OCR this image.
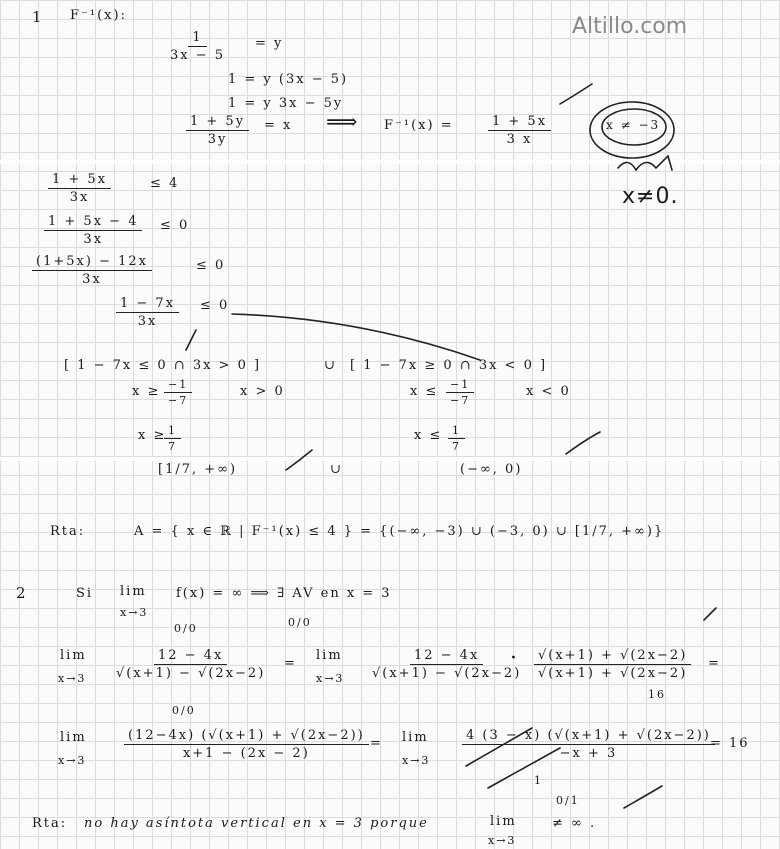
Altillo.com
1 F⁻¹(x):
$\frac{1}{3x - 5} = y$
1 = y (3x − 5)
1 = y 3x − 5y
$\frac{1 + 5y}{3y} = x$ ⟹ F⁻¹(x) =	$\frac{1 + 5x}{3 x}$	x ≠ −3
x≠0.
$\frac{1 + 5x}{3x}$	≤ 4
$\frac{1 + 5x - 4}{3x} \le 0$
$\frac{(1+5x) - 12x}{3x}$	≤ 0
$\frac{1 - 7x}{3x} \le 0$
[ 1 − 7x ≤ 0 ∩ 3x > 0 ]	∪ [ 1 − 7x ≥ 0 ∩ 3x < 0 ]
$x \ge \frac{-1}{-7}$	x > 0	$x \le \frac{-1}{-7}$	x < 0
x ≥
$\frac{1}{7}$	$x \le \frac{1}{7}$
[1/7, +∞)	∪	(−∞, 0)
Rta:	A = { x ∈ ℝ | F⁻¹(x) ≤ 4 } = {(−∞, −3) ∪ (−3, 0) ∪ [1/7, +∞)}
2	Si lim
x→3
f(x) = ∞ ⟹ ∃ AV en x = 3
0/0	0/0
lim
$x\to 3 \frac{12 - 4x}{√(x+1) - √(2x-2)}$ =
lim
$x\to 3 \frac{12 - 4x}{√(x+1) - √(2x-2)}$
· $\frac{√(x+1) + √(2x-2)}{√(x+1) + √(2x-2)}$ =
16
0/0
lim
x→3	$\frac{(12-4x) (√(x+1) + √(2x-2))}{x+1 - (2x - 2)} = \lim$
$x\to 3 \frac{4 (3 - x) (√(x+1) + √(2x-2))}{-x + 3}$
1
= 16
0/1
Rta: no hay asíntota vertical en x = 3 porque	lim
x→3
≠ ∞ .
